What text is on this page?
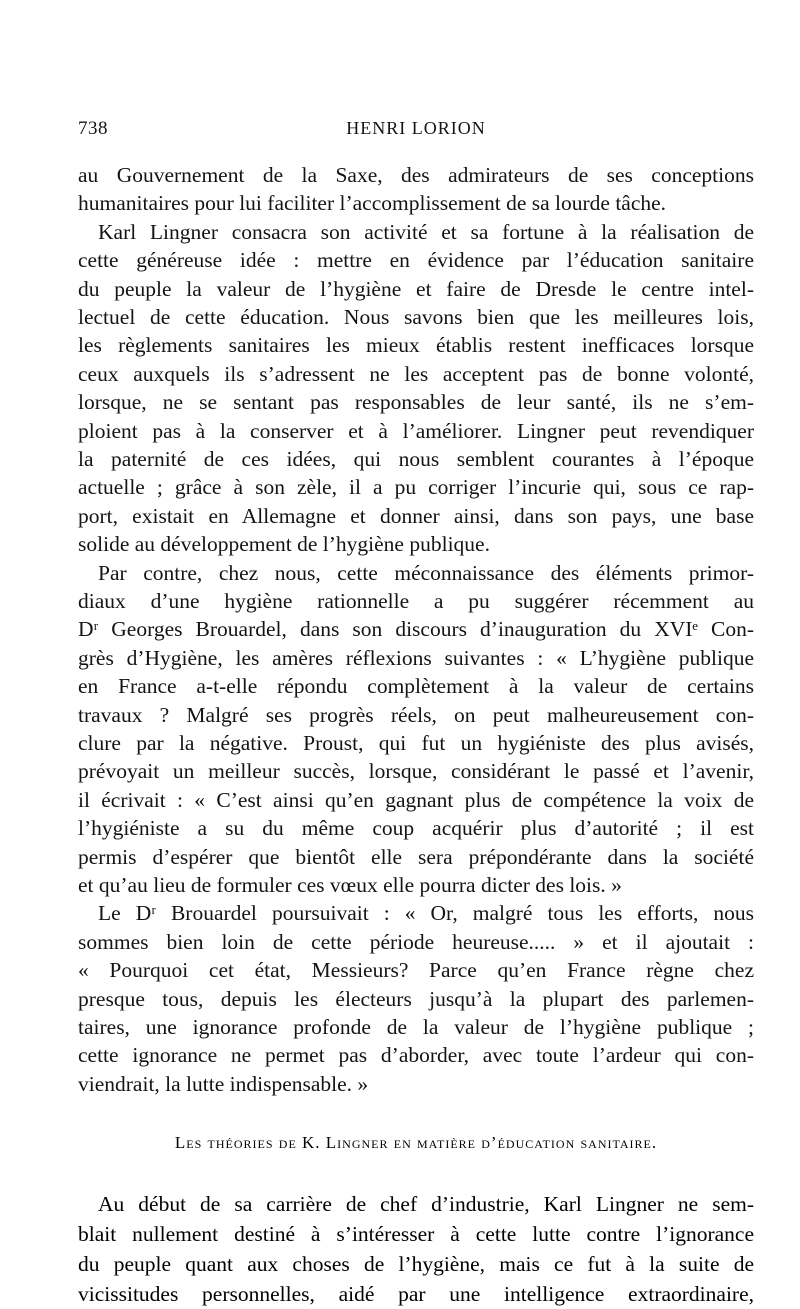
738	HENRI LORION
au Gouvernement de la Saxe, des admirateurs de ses conceptions
humanitaires pour lui faciliter l’accomplissement de sa lourde tâche.
Karl Lingner consacra son activité et sa fortune à la réalisation de
cette généreuse idée : mettre en évidence par l’éducation sanitaire
du peuple la valeur de l’hygiène et faire de Dresde le centre intel-
lectuel de cette éducation. Nous savons bien que les meilleures lois,
les règlements sanitaires les mieux établis restent inefficaces lorsque
ceux auxquels ils s’adressent ne les acceptent pas de bonne volonté,
lorsque, ne se sentant pas responsables de leur santé, ils ne s’em-
ploient pas à la conserver et à l’améliorer. Lingner peut revendiquer
la paternité de ces idées, qui nous semblent courantes à l’époque
actuelle ; grâce à son zèle, il a pu corriger l’incurie qui, sous ce rap-
port, existait en Allemagne et donner ainsi, dans son pays, une base
solide au développement de l’hygiène publique.
Par contre, chez nous, cette méconnaissance des éléments primor-
diaux d’une hygiène rationnelle a pu suggérer récemment au
Dʳ Georges Brouardel, dans son discours d’inauguration du XVIᵉ Con-
grès d’Hygiène, les amères réflexions suivantes : « L’hygiène publique
en France a-t-elle répondu complètement à la valeur de certains
travaux ? Malgré ses progrès réels, on peut malheureusement con-
clure par la négative. Proust, qui fut un hygiéniste des plus avisés,
prévoyait un meilleur succès, lorsque, considérant le passé et l’avenir,
il écrivait : « C’est ainsi qu’en gagnant plus de compétence la voix de
l’hygiéniste a su du même coup acquérir plus d’autorité ; il est
permis d’espérer que bientôt elle sera prépondérante dans la société
et qu’au lieu de formuler ces vœux elle pourra dicter des lois. »
Le Dʳ Brouardel poursuivait : « Or, malgré tous les efforts, nous
sommes bien loin de cette période heureuse..... » et il ajoutait :
« Pourquoi cet état, Messieurs? Parce qu’en France règne chez
presque tous, depuis les électeurs jusqu’à la plupart des parlemen-
taires, une ignorance profonde de la valeur de l’hygiène publique ;
cette ignorance ne permet pas d’aborder, avec toute l’ardeur qui con-
viendrait, la lutte indispensable. »
Les théories de K. Lingner en matière d’éducation sanitaire.
Au début de sa carrière de chef d’industrie, Karl Lingner ne sem-
blait nullement destiné à s’intéresser à cette lutte contre l’ignorance
du peuple quant aux choses de l’hygiène, mais ce fut à la suite de
vicissitudes personnelles, aidé par une intelligence extraordinaire,
